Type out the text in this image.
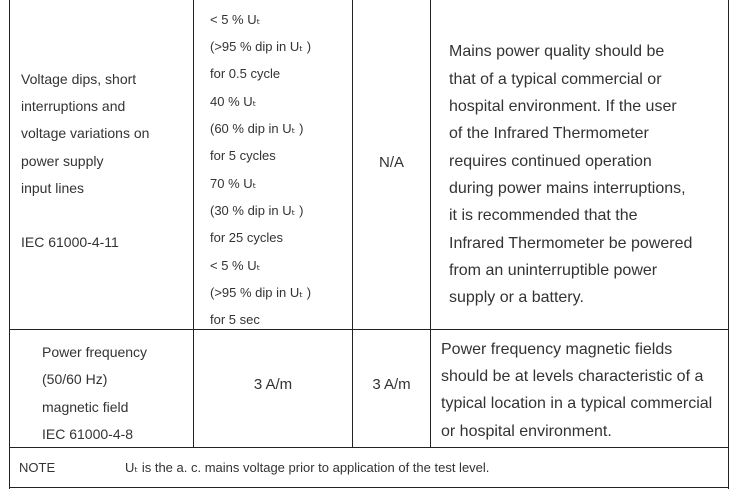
Voltage dips, short
interruptions and
voltage variations on
power supply
input lines
IEC 61000-4-11
< 5 % Uₜ
(>95 % dip in Uₜ )
for 0.5 cycle
40 % Uₜ
(60 % dip in Uₜ )
for 5 cycles
70 % Uₜ
(30 % dip in Uₜ )
for 25 cycles
< 5 % Uₜ
(>95 % dip in Uₜ )
for 5 sec
N/A
Mains power quality should be
that of a typical commercial or
hospital environment. If the user
of the Infrared Thermometer
requires continued operation
during power mains interruptions,
it is recommended that the
Infrared Thermometer be powered
from an uninterruptible power
supply or a battery.
Power frequency
(50/60 Hz)
magnetic field
IEC 61000-4-8
3 A/m	3 A/m
Power frequency magnetic fields
should be at levels characteristic of a
typical location in a typical commercial
or hospital environment.
NOTE	Uₜ is the a. c. mains voltage prior to application of the test level.
